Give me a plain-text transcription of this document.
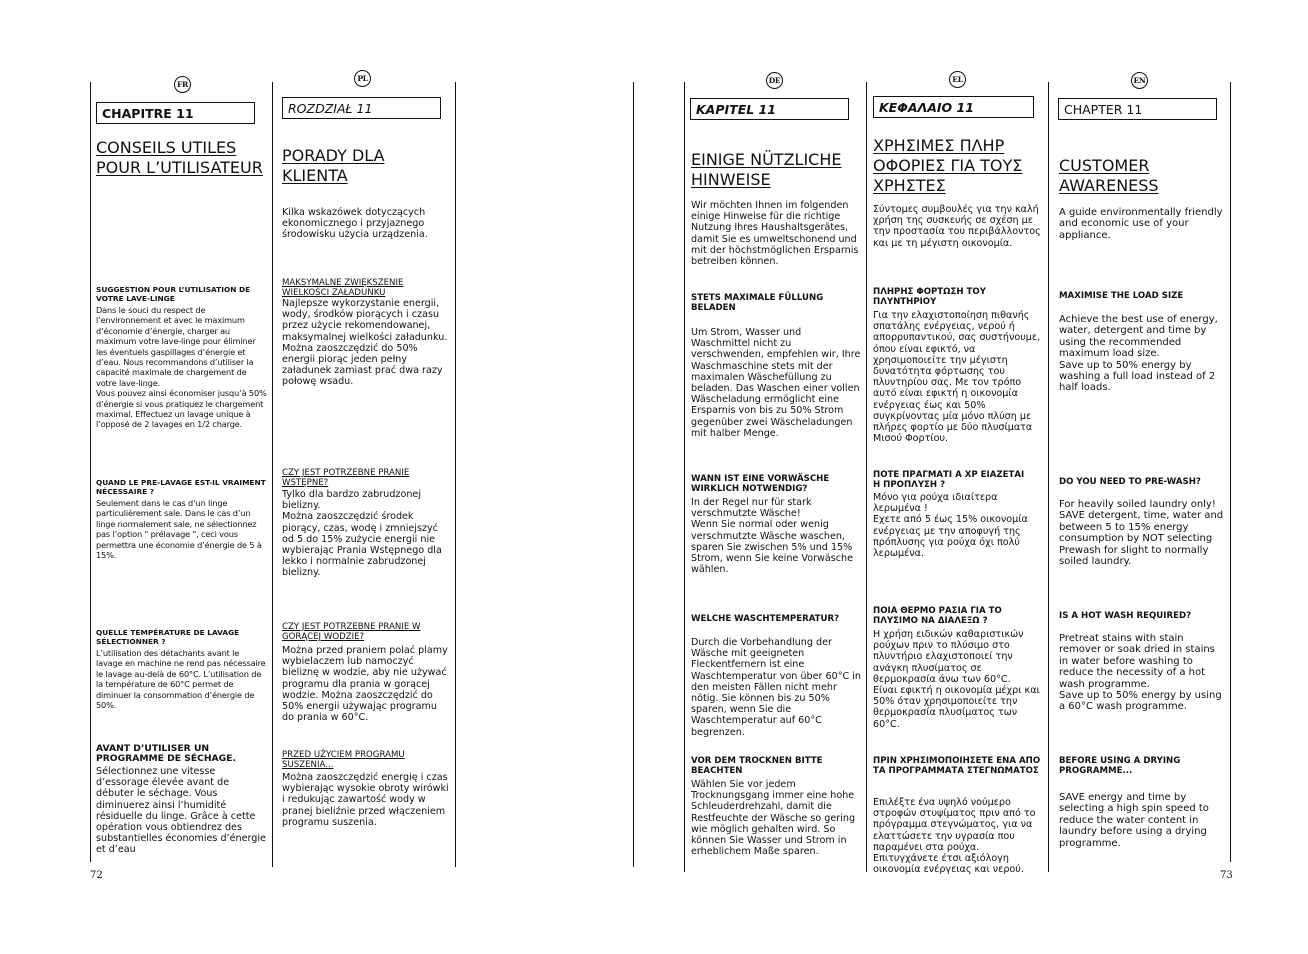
FR
CHAPITRE 11
CONSEILS UTILES POUR L’UTILISATEUR
SUGGESTION POUR L’UTILISATION DE VOTRE LAVE-LINGE

Dans le souci du respect de l’environnement et avec le maximum d’économie d’énergie, charger au maximum votre lave-linge pour éliminer les éventuels gaspillages d’énergie et d’eau. Nous recommandons d’utiliser la capacité maximale de chargement de votre lave-linge.
Vous pouvez ainsi économiser jusqu’à 50% d’énergie si vous pratiquez le chargement maximal. Effectuez un lavage unique à l’opposé de 2 lavages en 1/2 charge.

QUAND LE PRE-LAVAGE EST-IL VRAIMENT NÉCESSAIRE ?

Seulement dans le cas d’un linge particulièrement sale. Dans le cas d’un linge normalement sale, ne sélectionnez pas l’option " prélavage ", ceci vous permettra une économie d’énergie de 5 à 15%.

QUELLE TEMPÉRATURE DE LAVAGE SÉLECTIONNER ?

L’utilisation des détachants avant le lavage en machine ne rend pas nécessaire le lavage au-delà de 60°C. L’utilisation de la température de 60°C permet de diminuer la consommation d’énergie de 50%.

AVANT D’UTILISER UN PROGRAMME DE SÉCHAGE.

Sélectionnez une vitesse d’essorage élevée avant de débuter le séchage. Vous diminuerez ainsi l’humidité résiduelle du linge. Grâce à cette opération vous obtiendrez des substantielles économies d’énergie et d’eau

72
PL
ROZDZIAŁ 11
PORADY DLA KLIENTA
Kilka wskazówek dotyczących ekonomicznego i przyjaznego środowisku użycia urządzenia.
MAKSYMALNE ZWIĘKSZENIE WIELKOŚCI ZAŁADUNKU

Najlepsze wykorzystanie energii, wody, środków piorących i czasu przez użycie rekomendowanej, maksymalnej wielkości załadunku.
Można zaoszczędzić do 50% energii piorąc jeden pełny załadunek zamiast prać dwa razy połowę wsadu.

CZY JEST POTRZEBNE PRANIE WSTĘPNE?

Tylko dla bardzo zabrudzonej bielizny.
Można zaoszczędzić środek piorący, czas, wodę i zmniejszyć od 5 do 15% zużycie energii nie wybierając Prania Wstępnego dla lekko i normalnie zabrudzonej bielizny.

CZY JEST POTRZEBNE PRANIE W GORĄCEJ WODZIE?

Można przed praniem polać plamy wybielaczem lub namoczyć bieliznę w wodzie, aby nie używać programu dla prania w gorącej wodzie. Można zaoszczędzić do 50% energii używając programu do prania w 60°C.

PRZED UŻYCIEM PROGRAMU SUSZENIA...

Można zaoszczędzić energię i czas wybierając wysokie obroty wirówki i redukując zawartość wody w pranej bieliźnie przed włączeniem programu suszenia.

DE
KAPITEL 11
EINIGE NÜTZLICHE HINWEISE
Wir möchten Ihnen im folgenden einige Hinweise für die richtige Nutzung Ihres Haushaltsgerätes, damit Sie es umweltschonend und mit der höchstmöglichen Ersparnis betreiben können.
STETS MAXIMALE FÜLLUNG BELADEN

Um Strom, Wasser und Waschmittel nicht zu verschwenden, empfehlen wir, Ihre Waschmaschine stets mit der maximalen Wäschefüllung zu beladen. Das Waschen einer vollen Wäscheladung ermöglicht eine Ersparnis von bis zu 50% Strom gegenüber zwei Wäscheladungen mit halber Menge.

WANN IST EINE VORWÄSCHE WIRKLICH NOTWENDIG?

In der Regel nur für stark verschmutzte Wäsche!
Wenn Sie normal oder wenig verschmutzte Wäsche waschen, sparen Sie zwischen 5% und 15% Strom, wenn Sie keine Vorwäsche wählen.

WELCHE WASCHTEMPERATUR?

Durch die Vorbehandlung der Wäsche mit geeigneten Fleckentfernern ist eine Waschtemperatur von über 60°C in den meisten Fällen nicht mehr nötig. Sie können bis zu 50% sparen, wenn Sie die Waschtemperatur auf 60°C begrenzen.

VOR DEM TROCKNEN BITTE BEACHTEN

Wählen Sie vor jedem Trocknungsgang immer eine hohe Schleuderdrehzahl, damit die Restfeuchte der Wäsche so gering wie möglich gehalten wird. So können Sie Wasser und Strom in erheblichem Maße sparen.

EL
ΚΕΦΑΛΑΙΟ 11
ΧΡΗΣΙΜΕΣ ΠΛΗΡ ΟΦΟΡΙΕΣ ΓΙΑ ΤΟΥΣ ΧΡΗΣΤΕΣ
Σύντομες συμβουλές για την καλή χρήση της συσκευής σε σχέση με την προστασία του περιβάλλοντος και με τη μέγιστη οικονομία.
ΠΛΗΡΗΣ ΦΟΡΤΩΣΗ ΤΟΥ ΠΛΥΝΤΗΡΙΟΥ

Για την ελαχιστοποίηση πιθανής σπατάλης ενέργειας, νερού ή απορρυπαντικού, σας συστήνουμε, όπου είναι εφικτό, να χρησιμοποιείτε την μέγιστη δυνατότητα φόρτωσης του πλυντηρίου σας. Με τον τρόπο αυτό είναι εφικτή η οικονομία ενέργειας έως και 50% συγκρίνοντας μία μόνο πλύση με πλήρες φορτίο με δύο πλυσίματα Μισού Φορτίου.

ΠΟΤΕ ΠΡΑΓΜΑΤΙ Α ΧΡ ΕΙΑΖΕΤΑΙ Η ΠΡΟΠΛΥΣΗ ?

Μόνο για ρούχα ιδιαίτερα λερωμένα !
Εχετε από 5 έως 15% οικονομία ενέργειας με την αποφυγή της πρόπλυσης για ρούχα όχι πολύ λερωμένα.

ΠΟΙΑ ΘΕΡΜΟ ΡΑΣΙΑ ΓΙΑ ΤΟ ΠΛΥΣΙΜΟ ΝΑ ΔΙΑΛΕΞΩ ?

Η χρήση ειδικών καθαριστικών ρούχων πριν το πλύσιμο στο πλυντήριο ελαχιστοποιεί την ανάγκη πλυσίματος σε θερμοκρασία άνω των 60°C.
Είναι εφικτή η οικονομία μέχρι και 50% όταν χρησιμοποιείτε την θερμοκρασία πλυσίματος των 60°C.

ΠΡΙΝ ΧΡΗΣΙΜΟΠΟΙΗΣΕΤΕ ΕΝΑ ΑΠΟ ΤΑ ΠΡΟΓΡΑΜΜΑΤΑ ΣΤΕΓΝΩΜΑΤΟΣ

Επιλέξτε ένα υψηλό νούμερο στροφών στυψίματος πριν από το πρόγραμμα στεγνώματος, για να ελαττώσετε την υγρασία που παραμένει στα ρούχα.
Επιτυγχάνετε έτσι αξιόλογη οικονομία ενέργειας και νερού.

EN
CHAPTER 11
CUSTOMER AWARENESS
A guide environmentally friendly and economic use of your appliance.
MAXIMISE THE LOAD SIZE

Achieve the best use of energy, water, detergent and time by using the recommended maximum load size.
Save up to 50% energy by washing a full load instead of 2 half loads.

DO YOU NEED TO PRE-WASH?

For heavily soiled laundry only!
SAVE detergent, time, water and between 5 to 15% energy consumption by NOT selecting Prewash for slight to normally soiled laundry.

IS A HOT WASH REQUIRED?

Pretreat stains with stain remover or soak dried in stains in water before washing to reduce the necessity of a hot wash programme.
Save up to 50% energy by using a 60°C wash programme.

BEFORE USING A DRYING PROGRAMME...

SAVE energy and time by selecting a high spin speed to reduce the water content in laundry before using a drying programme.

73
